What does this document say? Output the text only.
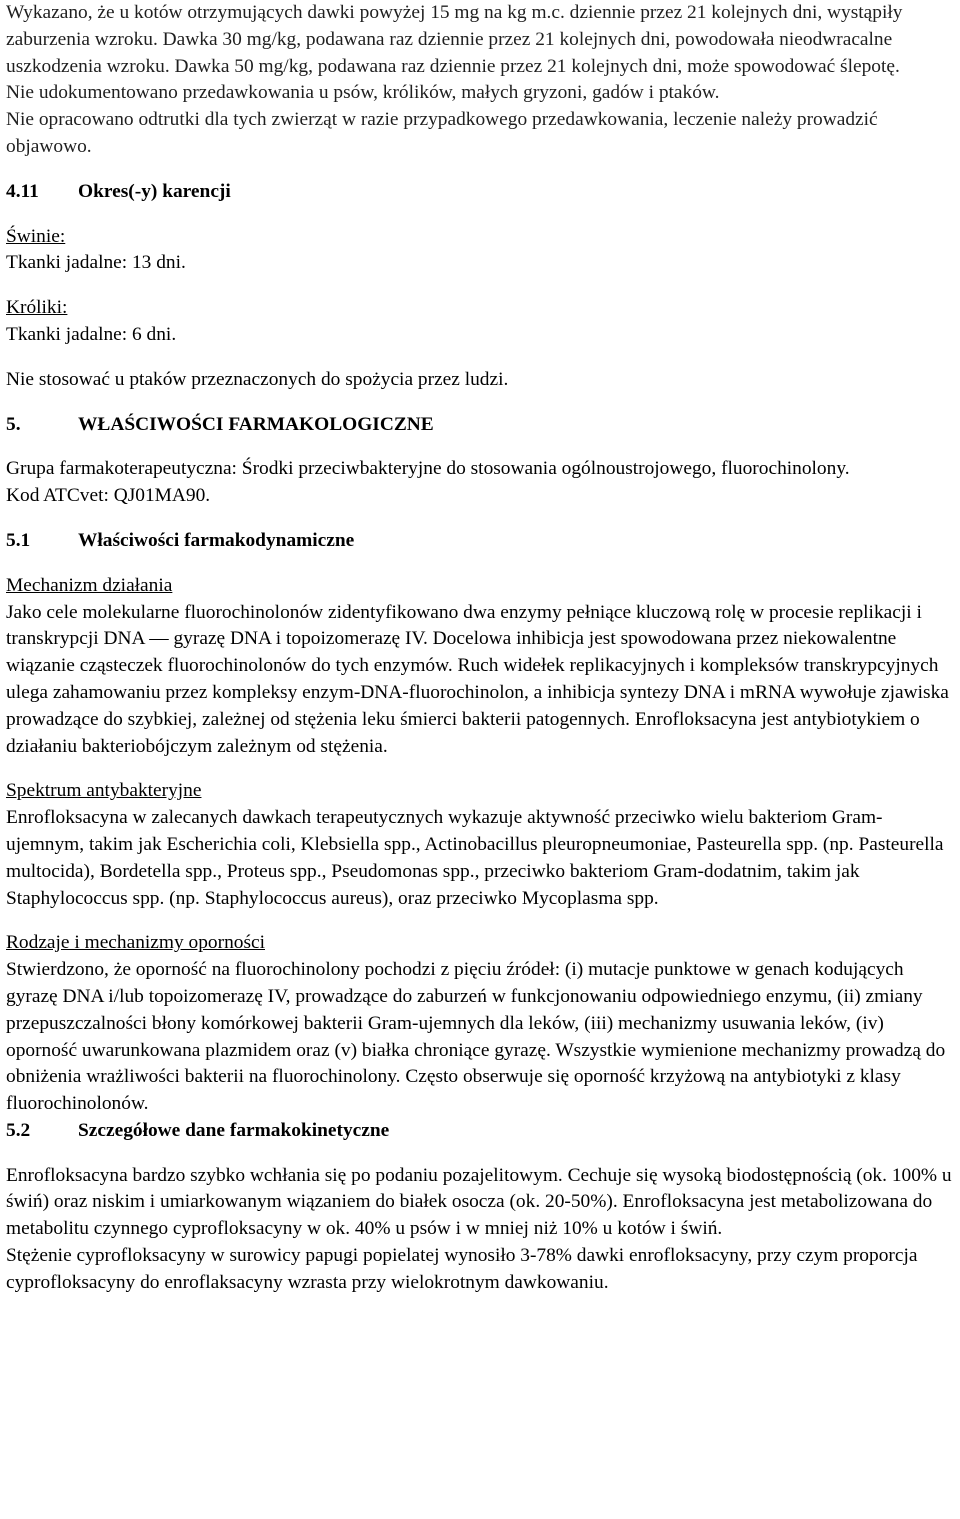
Wykazano, że u kotów otrzymujących dawki powyżej 15 mg na kg m.c. dziennie przez 21 kolejnych dni, wystąpiły zaburzenia wzroku. Dawka 30 mg/kg, podawana raz dziennie przez 21 kolejnych dni, powodowała nieodwracalne uszkodzenia wzroku. Dawka 50 mg/kg, podawana raz dziennie przez 21 kolejnych dni, może spowodować ślepotę.

Nie udokumentowano przedawkowania u psów, królików, małych gryzoni, gadów i ptaków.

Nie opracowano odtrutki dla tych zwierząt w razie przypadkowego przedawkowania, leczenie należy prowadzić objawowo.

4.11 Okres(-y) karencji

Świnie:

Tkanki jadalne: 13 dni.

Króliki:

Tkanki jadalne: 6 dni.

Nie stosować u ptaków przeznaczonych do spożycia przez ludzi.

5.	WŁAŚCIWOŚCI FARMAKOLOGICZNE

Grupa farmakoterapeutyczna: Środki przeciwbakteryjne do stosowania ogólnoustrojowego, fluorochinolony.

Kod ATCvet: QJ01MA90.

5.1 Właściwości farmakodynamiczne

Mechanizm działania

Jako cele molekularne fluorochinolonów zidentyfikowano dwa enzymy pełniące kluczową rolę w procesie replikacji i transkrypcji DNA — gyrazę DNA i topoizomerazę IV. Docelowa inhibicja jest spowodowana przez niekowalentne wiązanie cząsteczek fluorochinolonów do tych enzymów. Ruch widełek replikacyjnych i kompleksów transkrypcyjnych ulega zahamowaniu przez kompleksy enzym-DNA-fluorochinolon, a inhibicja syntezy DNA i mRNA wywołuje zjawiska prowadzące do szybkiej, zależnej od stężenia leku śmierci bakterii patogennych. Enrofloksacyna jest antybiotykiem o działaniu bakteriobójczym zależnym od stężenia.

Spektrum antybakteryjne

Enrofloksacyna w zalecanych dawkach terapeutycznych wykazuje aktywność przeciwko wielu bakteriom Gram-ujemnym, takim jak Escherichia coli, Klebsiella spp., Actinobacillus pleuropneumoniae, Pasteurella spp. (np. Pasteurella multocida), Bordetella spp., Proteus spp., Pseudomonas spp., przeciwko bakteriom Gram-dodatnim, takim jak Staphylococcus spp. (np. Staphylococcus aureus), oraz przeciwko Mycoplasma spp.

Rodzaje i mechanizmy oporności

Stwierdzono, że oporność na fluorochinolony pochodzi z pięciu źródeł: (i) mutacje punktowe w genach kodujących gyrazę DNA i/lub topoizomerazę IV, prowadzące do zaburzeń w funkcjonowaniu odpowiedniego enzymu, (ii) zmiany przepuszczalności błony komórkowej bakterii Gram-ujemnych dla leków, (iii) mechanizmy usuwania leków, (iv) oporność uwarunkowana plazmidem oraz (v) białka chroniące gyrazę. Wszystkie wymienione mechanizmy prowadzą do obniżenia wrażliwości bakterii na fluorochinolony. Często obserwuje się oporność krzyżową na antybiotyki z klasy fluorochinolonów.

5.2 Szczegółowe dane farmakokinetyczne

Enrofloksacyna bardzo szybko wchłania się po podaniu pozajelitowym. Cechuje się wysoką biodostępnością (ok. 100% u świń) oraz niskim i umiarkowanym wiązaniem do białek osocza (ok. 20-50%). Enrofloksacyna jest metabolizowana do metabolitu czynnego cyprofloksacyny w ok. 40% u psów i w mniej niż 10% u kotów i świń.

Stężenie cyprofloksacyny w surowicy papugi popielatej wynosiło 3-78% dawki enrofloksacyny, przy czym proporcja cyprofloksacyny do enroflaksacyny wzrasta przy wielokrotnym dawkowaniu.
